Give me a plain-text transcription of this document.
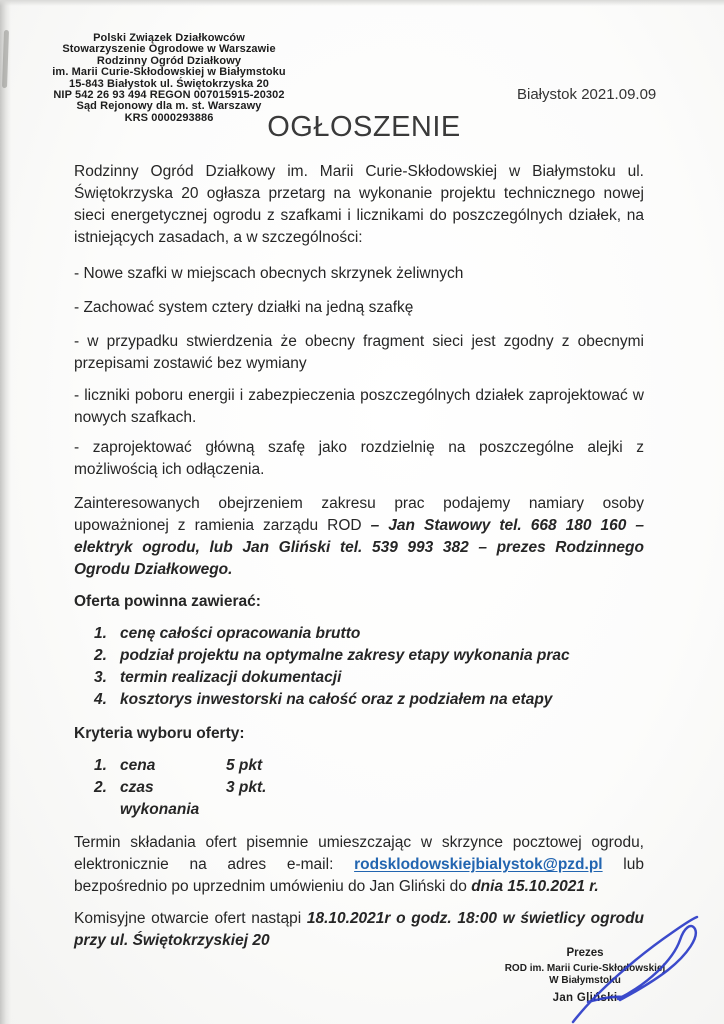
Polski Związek Działkowców
Stowarzyszenie Ogrodowe w Warszawie
Rodzinny Ogród Działkowy
im. Marii Curie-Skłodowskiej w Białymstoku
15-843 Białystok ul. Świętokrzyska 20
NIP 542 26 93 494 REGON 007015915-20302
Sąd Rejonowy dla m. st. Warszawy
KRS 0000293886
Białystok 2021.09.09
OGŁOSZENIE

Rodzinny Ogród Działkowy im. Marii Curie-Skłodowskiej w Białymstoku ul. Świętokrzyska 20 ogłasza przetarg na wykonanie projektu technicznego nowej sieci energetycznej ogrodu z szafkami i licznikami do poszczególnych działek, na istniejących zasadach, a w szczególności:

- Nowe szafki w miejscach obecnych skrzynek żeliwnych

- Zachować system cztery działki na jedną szafkę

- w przypadku stwierdzenia że obecny fragment sieci jest zgodny z obecnymi przepisami zostawić bez wymiany

- liczniki poboru energii i zabezpieczenia poszczególnych działek zaprojektować w nowych szafkach.

- zaprojektować główną szafę jako rozdzielnię na poszczególne alejki z możliwością ich odłączenia.

Zainteresowanych obejrzeniem zakresu prac podajemy namiary osoby upoważnionej z ramienia zarządu ROD – Jan Stawowy tel. 668 180 160 – elektryk ogrodu, lub Jan Gliński tel. 539 993 382 – prezes Rodzinnego Ogrodu Działkowego.

Oferta powinna zawierać:

1. cenę całości opracowania brutto
2. podział projektu na optymalne zakresy etapy wykonania prac
3. termin realizacji dokumentacji
4. kosztorys inwestorski na całość oraz z podziałem na etapy

Kryteria wyboru oferty:

1. cena	5 pkt
2. czas wykonania
3 pkt.

Termin składania ofert pisemnie umieszczając w skrzynce pocztowej ogrodu, elektronicznie na adres e-mail: rodsklodowskiejbialystok@pzd.pl lub bezpośrednio po uprzednim umówieniu do Jan Gliński do dnia 15.10.2021 r.

Komisyjne otwarcie ofert nastąpi 18.10.2021r o godz. 18:00 w świetlicy ogrodu przy ul. Świętokrzyskiej 20

Prezes
ROD im. Marii Curie-Skłodowskiej
W Białymstoku
Jan Gliński
